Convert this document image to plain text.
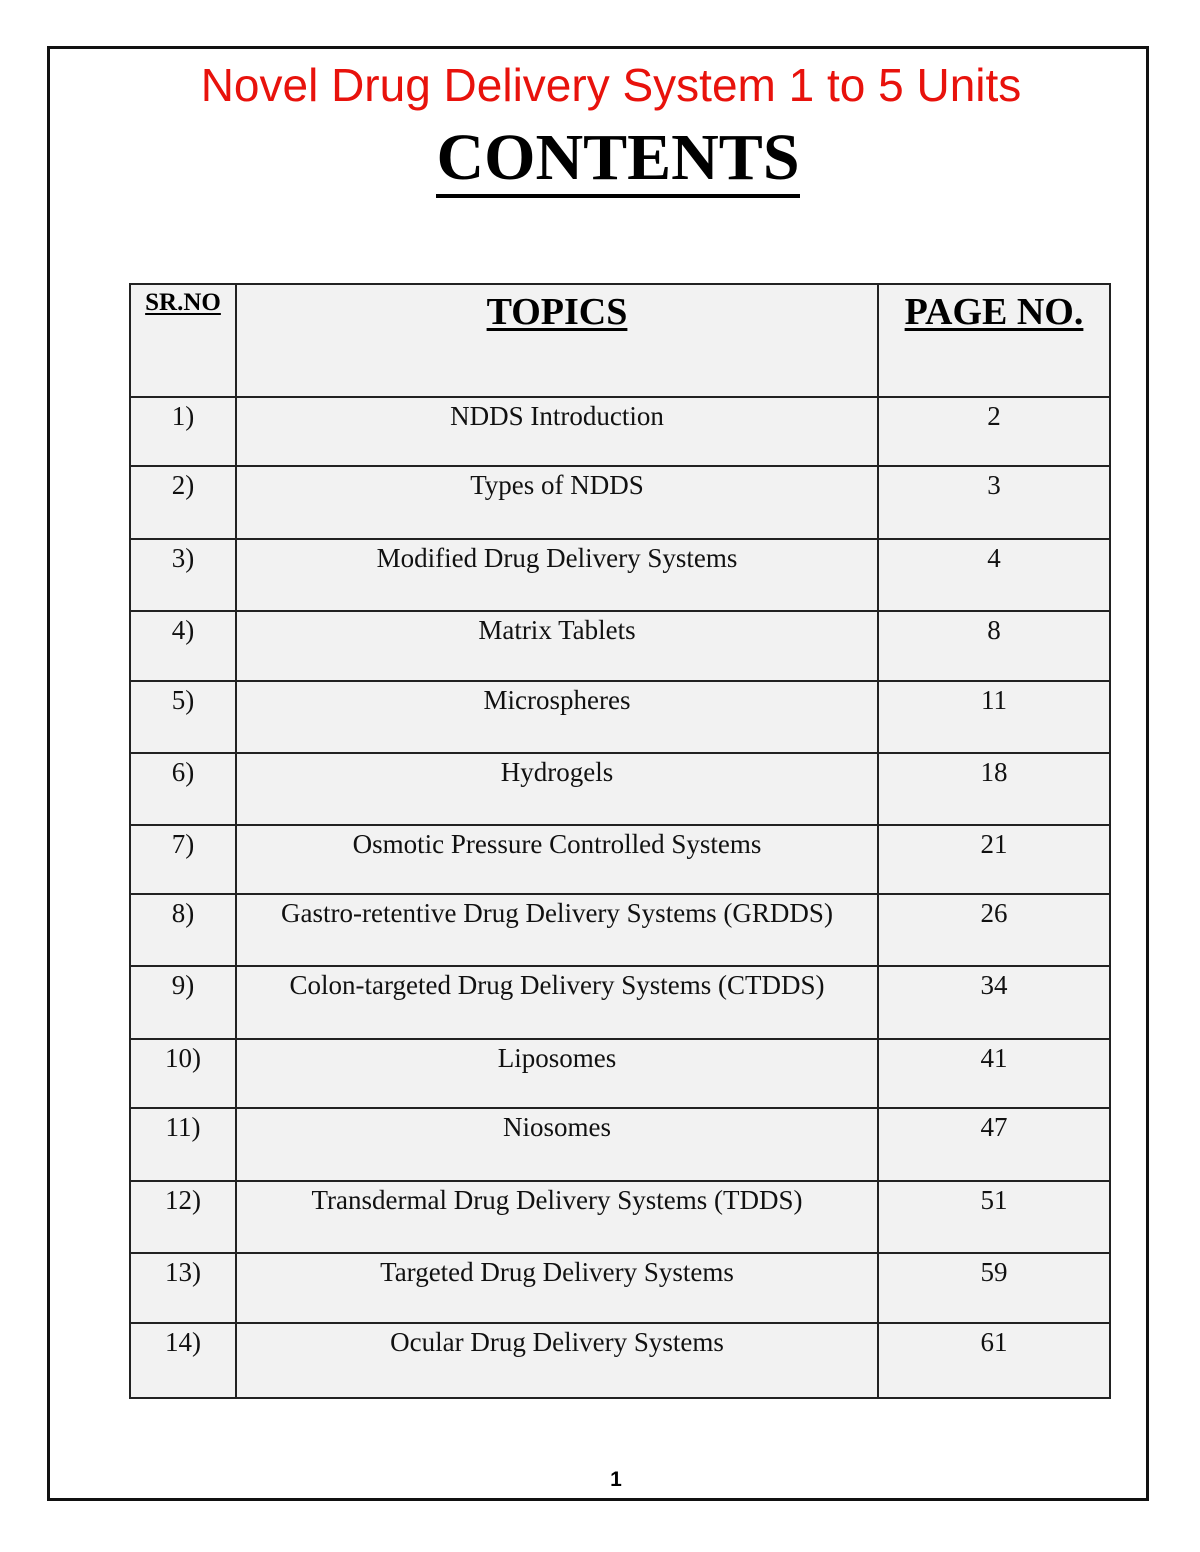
Novel Drug Delivery System 1 to 5 Units
CONTENTS
SR.NO	TOPICS	PAGE NO.

1)	NDDS Introduction	2

2)	Types of NDDS	3

3)	Modified Drug Delivery Systems	4

4)	Matrix Tablets	8

5)	Microspheres	11

6)	Hydrogels	18

7)	Osmotic Pressure Controlled Systems	21

8)	Gastro-retentive Drug Delivery Systems (GRDDS)	26

9)	Colon-targeted Drug Delivery Systems (CTDDS)	34

10)	Liposomes	41

11)	Niosomes	47

12)	Transdermal Drug Delivery Systems (TDDS)	51

13)	Targeted Drug Delivery Systems	59

14)	Ocular Drug Delivery Systems	61
1
